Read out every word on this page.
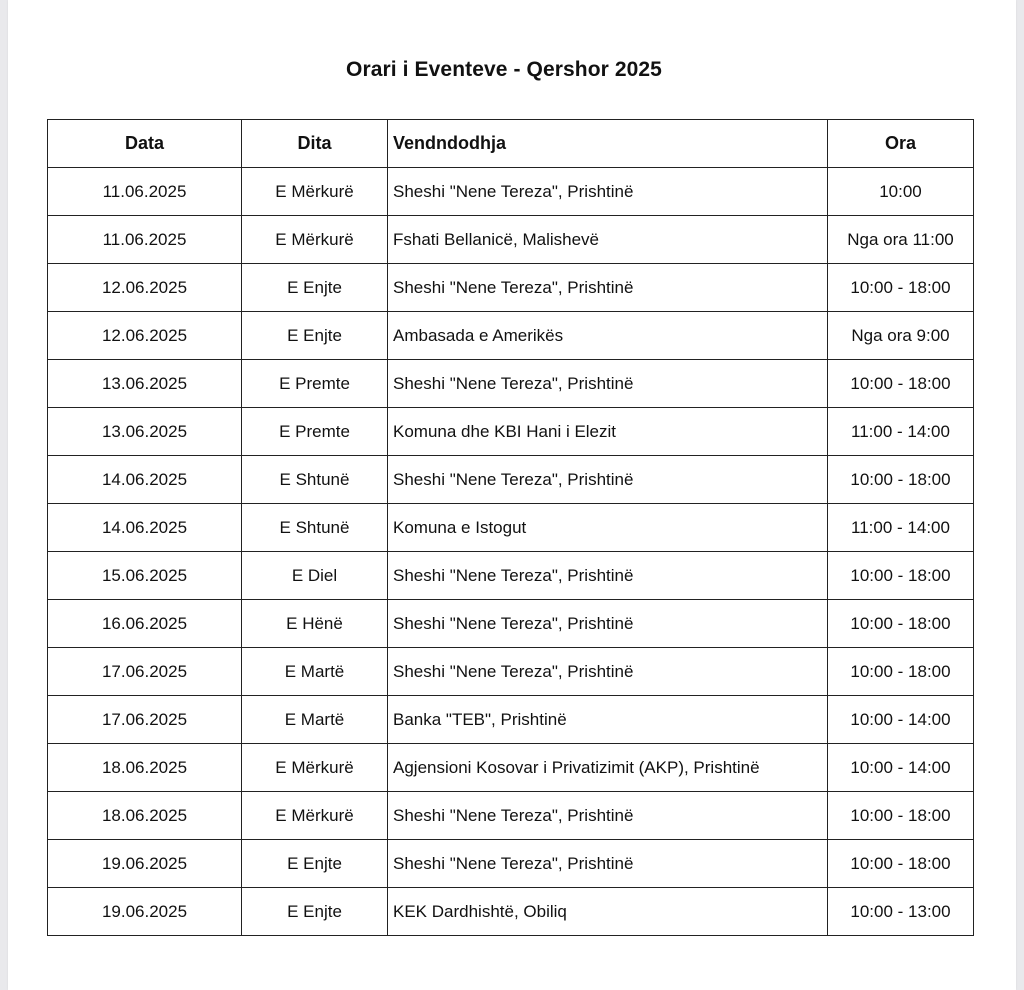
Orari i Eventeve - Qershor 2025
Data	Dita	Vendndodhja	Ora
11.06.2025	E Mërkurë	Sheshi "Nene Tereza", Prishtinë	10:00
11.06.2025	E Mërkurë	Fshati Bellanicë, Malishevë	Nga ora 11:00
12.06.2025	E Enjte	Sheshi "Nene Tereza", Prishtinë	10:00 - 18:00
12.06.2025	E Enjte	Ambasada e Amerikës	Nga ora 9:00
13.06.2025	E Premte	Sheshi "Nene Tereza", Prishtinë	10:00 - 18:00
13.06.2025	E Premte	Komuna dhe KBI Hani i Elezit	11:00 - 14:00
14.06.2025	E Shtunë	Sheshi "Nene Tereza", Prishtinë	10:00 - 18:00
14.06.2025	E Shtunë	Komuna e Istogut	11:00 - 14:00
15.06.2025	E Diel	Sheshi "Nene Tereza", Prishtinë	10:00 - 18:00
16.06.2025	E Hënë	Sheshi "Nene Tereza", Prishtinë	10:00 - 18:00
17.06.2025	E Martë	Sheshi "Nene Tereza", Prishtinë	10:00 - 18:00
17.06.2025	E Martë	Banka "TEB", Prishtinë	10:00 - 14:00
18.06.2025	E Mërkurë	Agjensioni Kosovar i Privatizimit (AKP), Prishtinë	10:00 - 14:00
18.06.2025	E Mërkurë	Sheshi "Nene Tereza", Prishtinë	10:00 - 18:00
19.06.2025	E Enjte	Sheshi "Nene Tereza", Prishtinë	10:00 - 18:00
19.06.2025	E Enjte	KEK Dardhishtë, Obiliq	10:00 - 13:00
